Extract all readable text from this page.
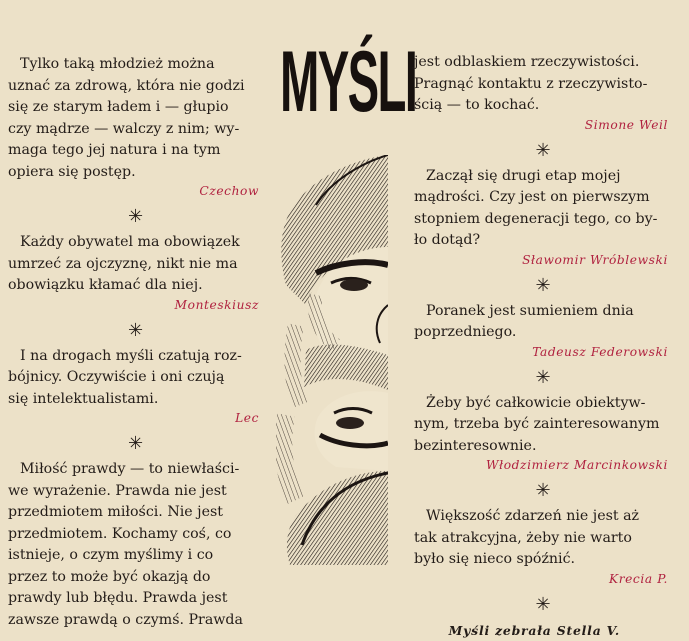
Tylko taką młodzież można
uznać za zdrową, która nie godzi
się ze starym ładem i — głupio
czy mądrze — walczy z nim; wy-
maga tego jej natura i na tym
opiera się postęp.
Czechow
✳
Każdy obywatel ma obowiązek
umrzeć za ojczyznę, nikt nie ma
obowiązku kłamać dla niej.
Monteskiusz
✳
I na drogach myśli czatują roz-
bójnicy. Oczywiście i oni czują
się intelektualistami.
Lec
✳
Miłość prawdy — to niewłaści-
we wyrażenie. Prawda nie jest
przedmiotem miłości. Nie jest
przedmiotem. Kochamy coś, co
istnieje, o czym myślimy i co
przez to może być okazją do
prawdy lub błędu. Prawda jest
zawsze prawdą o czymś. Prawda
MYŚLI
jest odblaskiem rzeczywistości.
Pragnąć kontaktu z rzeczywisto-
ścią — to kochać.
Simone Weil
✳
Zaczął się drugi etap mojej
mądrości. Czy jest on pierwszym
stopniem degeneracji tego, co by-
ło dotąd?
Sławomir Wróblewski
✳
Poranek jest sumieniem dnia
poprzedniego.
Tadeusz Federowski
✳
Żeby być całkowicie obiektyw-
nym, trzeba być zainteresowanym
bezinteresownie.
Włodzimierz Marcinkowski
✳
Większość zdarzeń nie jest aż
tak atrakcyjna, żeby nie warto
było się nieco spóźnić.
Krecia P.
✳
Myśli zebrała Stella V.
